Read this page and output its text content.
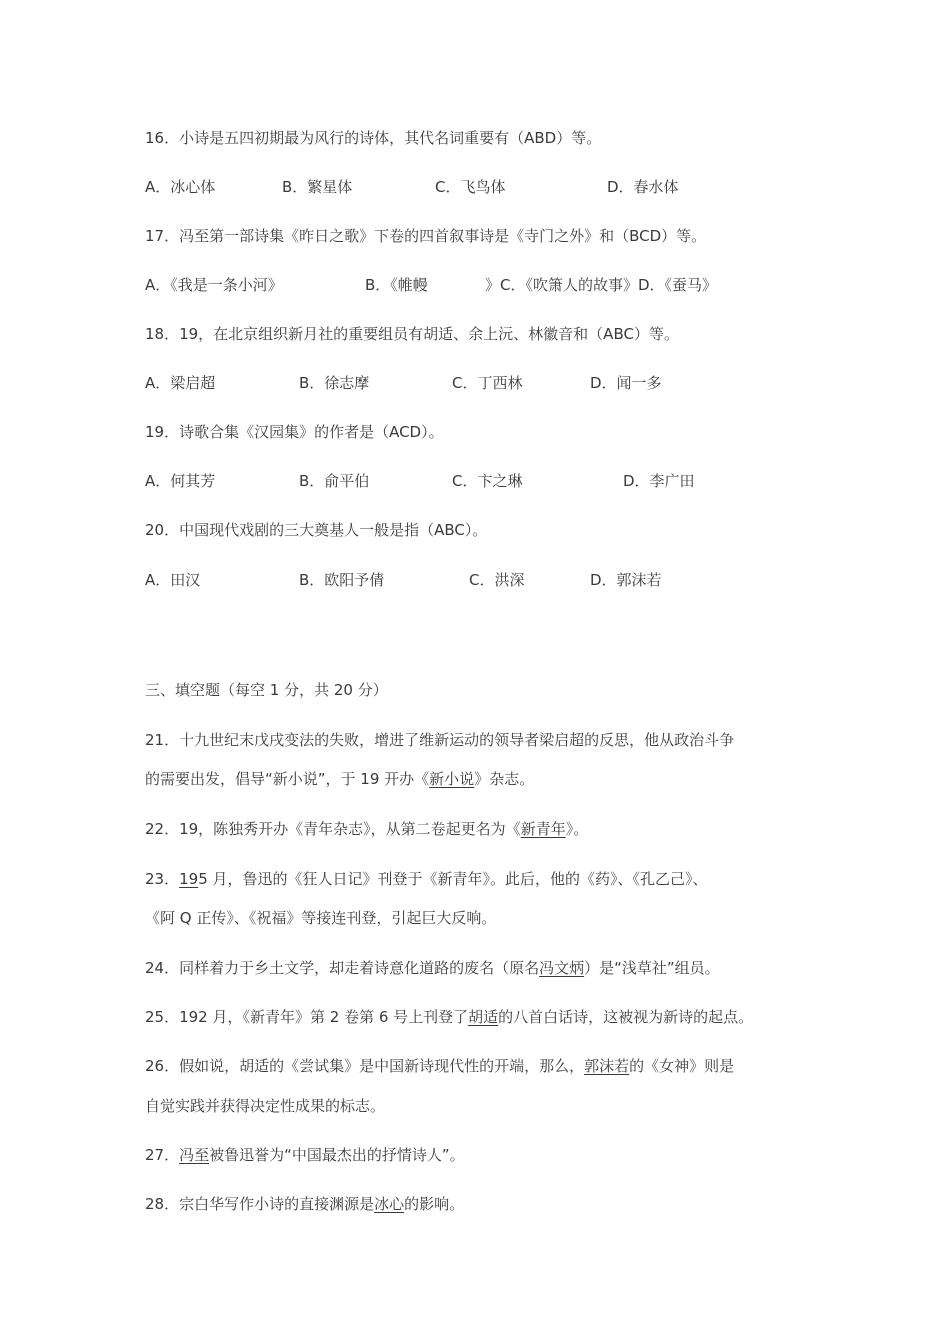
16．小诗是五四初期最为风行的诗体，其代名词重要有（ABD）等。
A．冰心体	B．繁星体	C．飞鸟体	D．春水体
17．冯至第一部诗集《昨日之歌》下卷的四首叙事诗是《寺门之外》和（BCD）等。
A．《我是一条小河》	B．《帷幔	》C．《吹箫人的故事》D．《蚕马》
18．19，在北京组织新月社的重要组员有胡适、余上沅、林徽音和（ABC）等。
A．梁启超	B．徐志摩	C．丁西林	D．闻一多
19．诗歌合集《汉园集》的作者是（ACD）。
A．何其芳	B．俞平伯	C．卞之琳	D．李广田
20．中国现代戏剧的三大奠基人一般是指（ABC）。
A．田汉	B．欧阳予倩	C．洪深	D．郭沫若
三、填空题（每空 1 分，共 20 分）
21．十九世纪末戊戌变法的失败，增进了维新运动的领导者梁启超的反思，他从政治斗争
的需要出发，倡导“新小说”，于 19 开办《新小说》杂志。
22．19，陈独秀开办《青年杂志》，从第二卷起更名为《新青年》。
23．195 月，鲁迅的《狂人日记》刊登于《新青年》。此后，他的《药》、《孔乙己》、
《阿 Q 正传》、《祝福》等接连刊登，引起巨大反响。
24．同样着力于乡土文学，却走着诗意化道路的废名（原名冯文炳）是“浅草社”组员。
25．192 月，《新青年》第 2 卷第 6 号上刊登了胡适的八首白话诗，这被视为新诗的起点。
26．假如说，胡适的《尝试集》是中国新诗现代性的开端，那么，郭沫若的《女神》则是
自觉实践并获得决定性成果的标志。
27．冯至被鲁迅誉为“中国最杰出的抒情诗人”。
28．宗白华写作小诗的直接渊源是冰心的影响。
